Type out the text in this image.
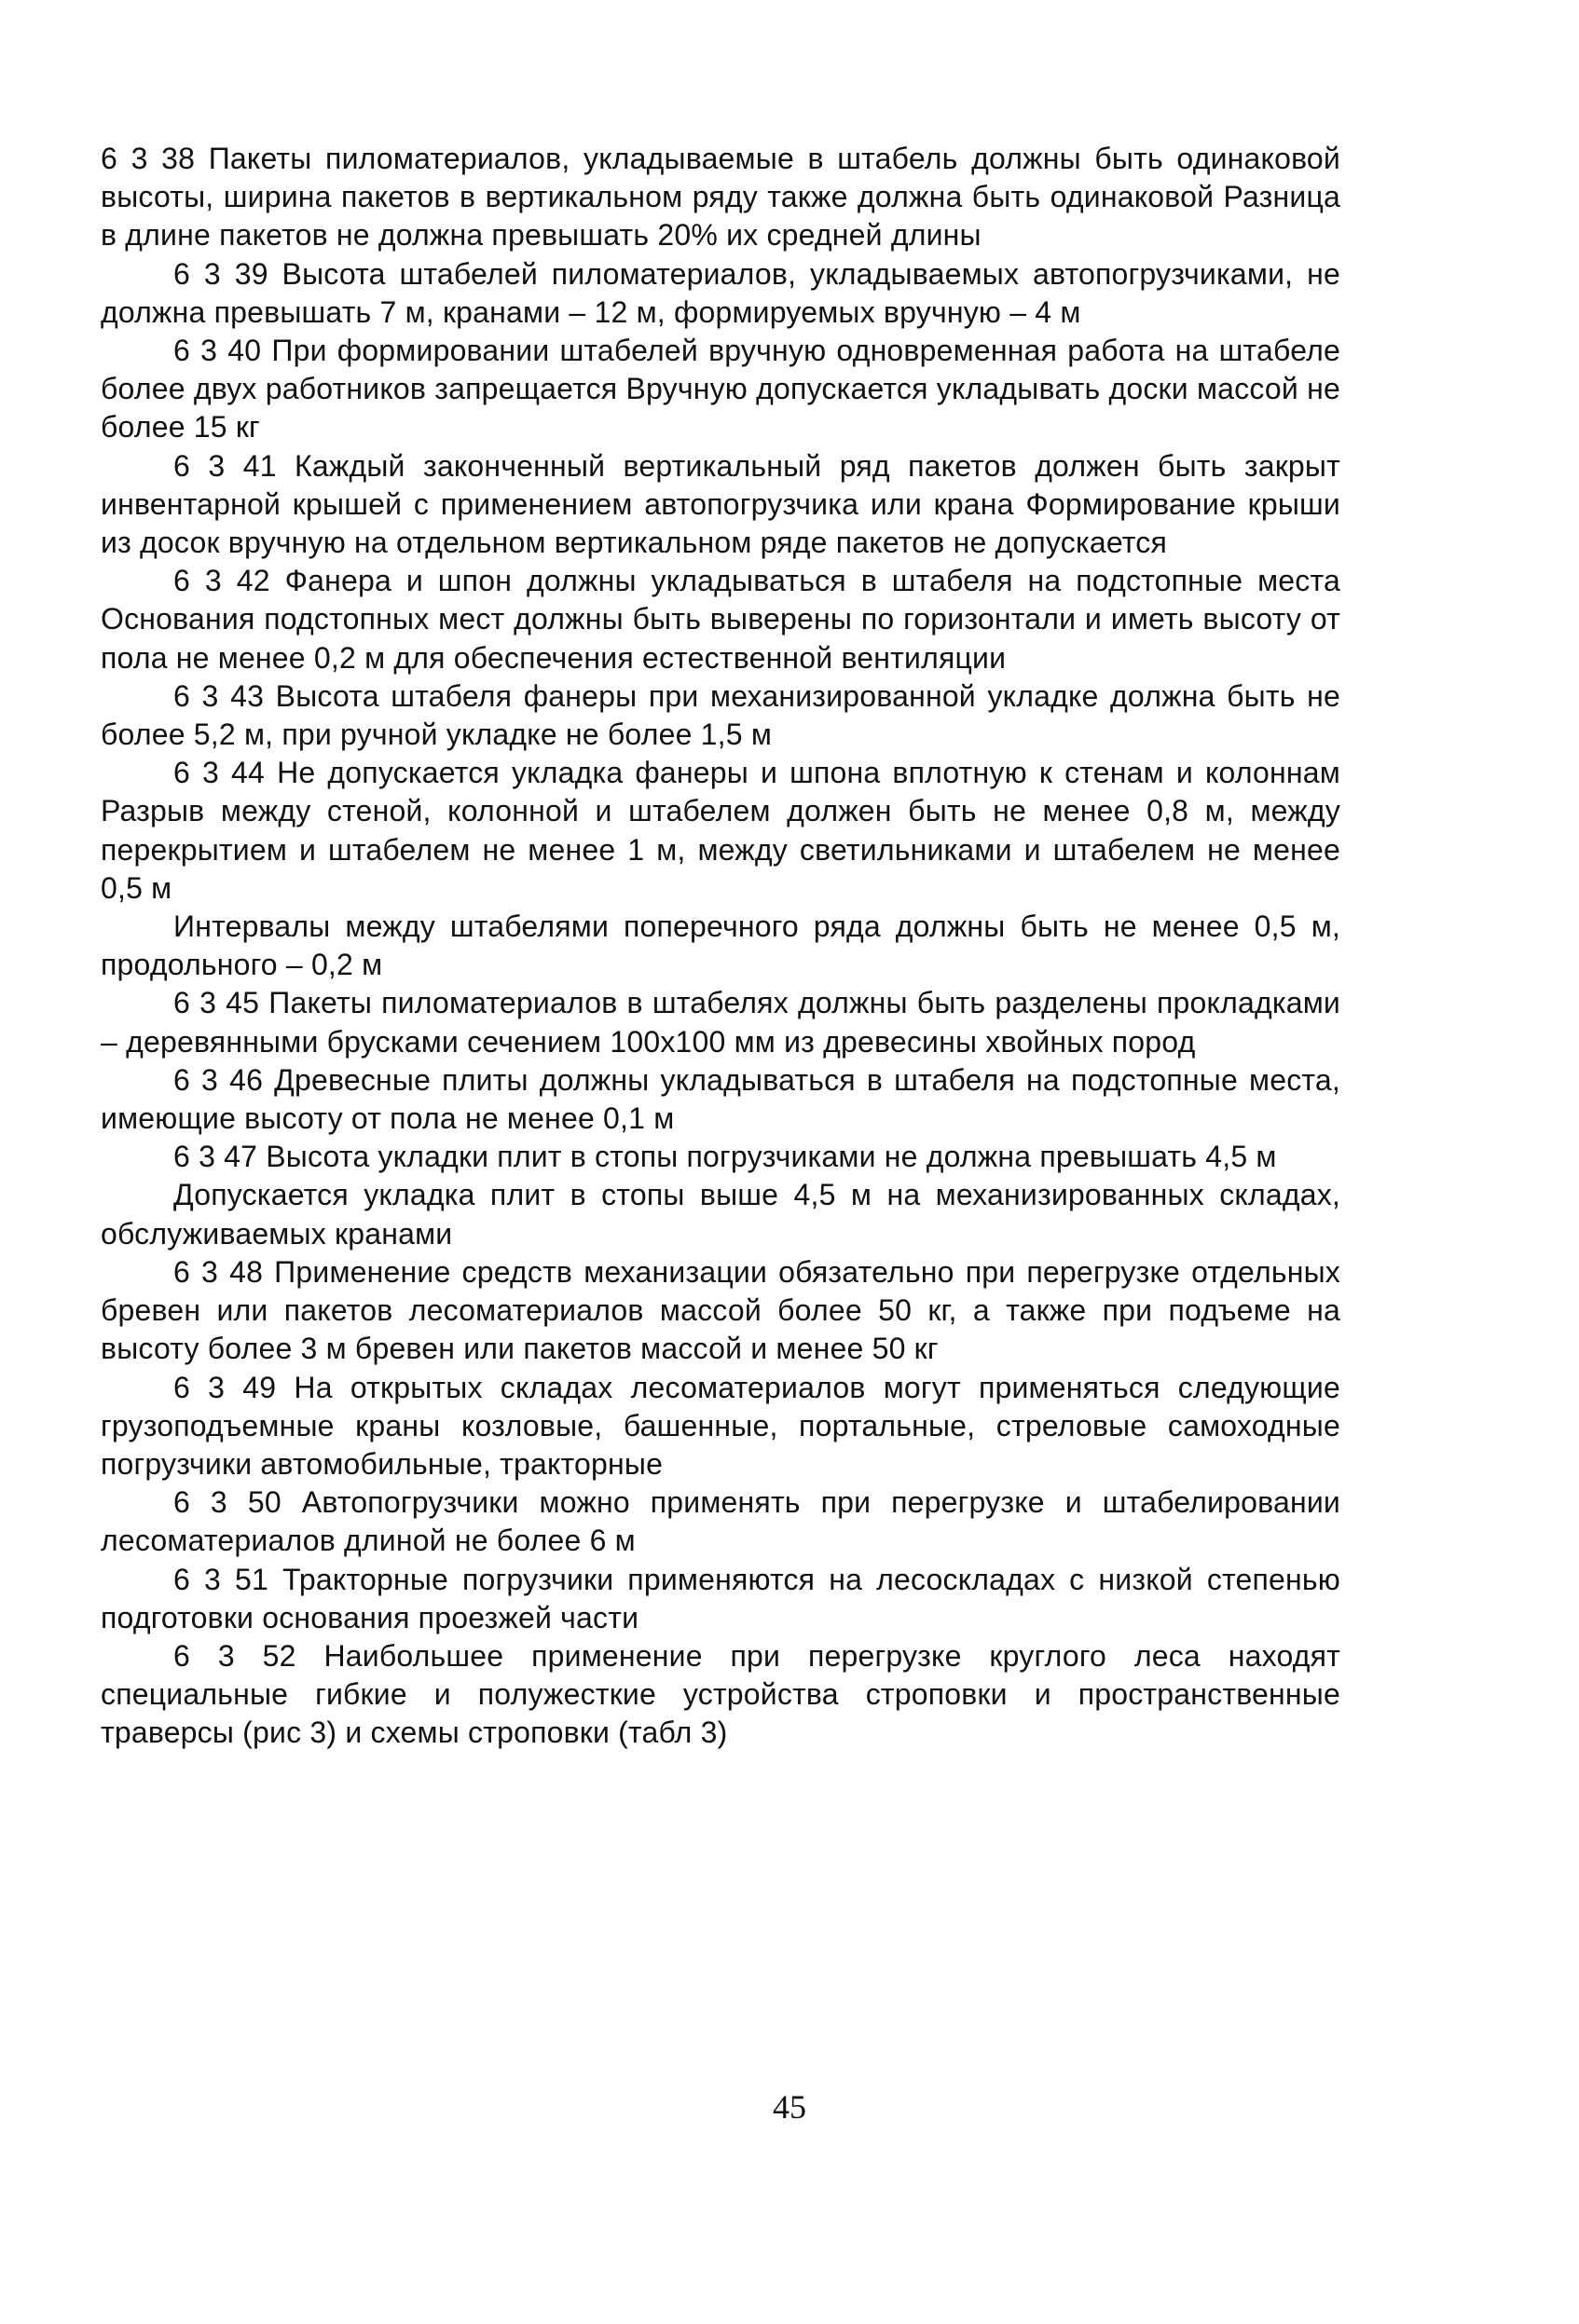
6 3 38 Пакеты пиломатериалов, укладываемые в штабель должны быть одинаковой высоты, ширина пакетов в вертикальном ряду также должна быть одинаковой Разница в длине пакетов не должна превышать 20% их средней длины

6 3 39 Высота штабелей пиломатериалов, укладываемых автопогрузчиками, не должна превышать 7 м, кранами – 12 м, формируемых вручную – 4 м

6 3 40 При формировании штабелей вручную одновременная работа на штабеле более двух работников запрещается Вручную допускается укладывать доски массой не более 15 кг

6 3 41 Каждый законченный вертикальный ряд пакетов должен быть закрыт инвентарной крышей с применением автопогрузчика или крана Формирование крыши из досок вручную на отдельном вертикальном ряде пакетов не допускается

6 3 42 Фанера и шпон должны укладываться в штабеля на подстопные места Основания подстопных мест должны быть выверены по горизонтали и иметь высоту от пола не менее 0,2 м для обеспечения естественной вентиляции

6 3 43 Высота штабеля фанеры при механизированной укладке должна быть не более 5,2 м, при ручной укладке не более 1,5 м

6 3 44 Не допускается укладка фанеры и шпона вплотную к стенам и колоннам Разрыв между стеной, колонной и штабелем должен быть не менее 0,8 м, между перекрытием и штабелем не менее 1 м, между светильниками и штабелем не менее 0,5 м

Интервалы между штабелями поперечного ряда должны быть не менее 0,5 м, продольного – 0,2 м

6 3 45 Пакеты пиломатериалов в штабелях должны быть разделены прокладками – деревянными брусками сечением 100х100 мм из древесины хвойных пород

6 3 46 Древесные плиты должны укладываться в штабеля на подстопные места, имеющие высоту от пола не менее 0,1 м

6 3 47 Высота укладки плит в стопы погрузчиками не должна превышать 4,5 м

Допускается укладка плит в стопы выше 4,5 м на механизированных складах, обслуживаемых кранами

6 3 48 Применение средств механизации обязательно при перегрузке отдельных бревен или пакетов лесоматериалов массой более 50 кг, а также при подъеме на высоту более 3 м бревен или пакетов массой и менее 50 кг

6 3 49 На открытых складах лесоматериалов могут применяться следующие грузоподъемные краны козловые, башенные, портальные, стреловые самоходные погрузчики автомобильные, тракторные

6 3 50 Автопогрузчики можно применять при перегрузке и штабелировании лесоматериалов длиной не более 6 м

6 3 51 Тракторные погрузчики применяются на лесоскладах с низкой степенью подготовки основания проезжей части

6 3 52 Наибольшее применение при перегрузке круглого леса находят специальные гибкие и полужесткие устройства строповки и пространственные траверсы (рис 3) и схемы строповки (табл 3)

45
